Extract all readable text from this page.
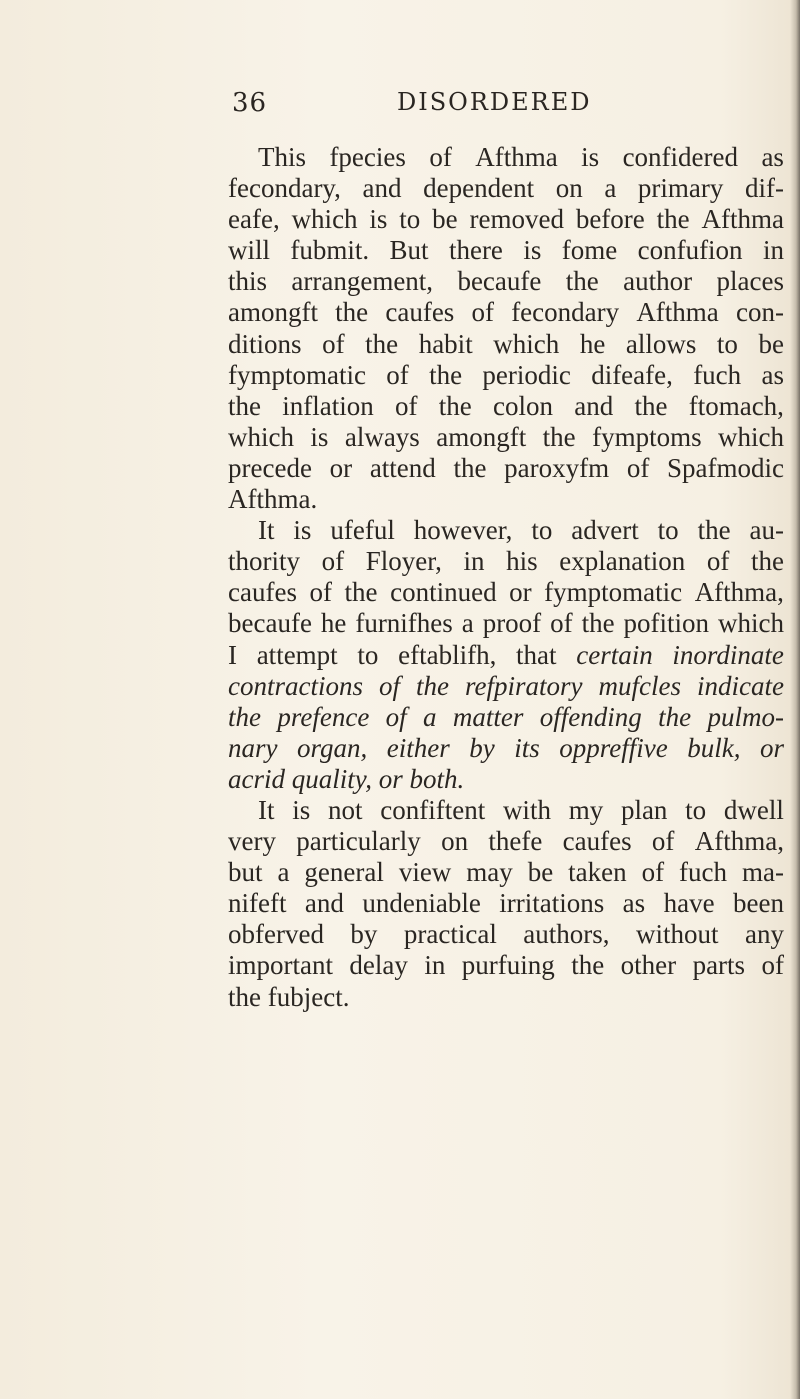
36	DISORDERED
This fpecies of Afthma is confidered as
fecondary, and dependent on a primary dif-
eafe, which is to be removed before the Afthma
will fubmit. But there is fome confufion in
this arrangement, becaufe the author places
amongft the caufes of fecondary Afthma con-
ditions of the habit which he allows to be
fymptomatic of the periodic difeafe, fuch as
the inflation of the colon and the ftomach,
which is always amongft the fymptoms which
precede or attend the paroxyfm of Spafmodic
Afthma.
It is ufeful however, to advert to the au-
thority of Floyer, in his explanation of the
caufes of the continued or fymptomatic Afthma,
becaufe he furnifhes a proof of the pofition which
I attempt to eftablifh, that certain inordinate
contractions of the refpiratory mufcles indicate
the prefence of a matter offending the pulmo-
nary organ, either by its oppreffive bulk, or
acrid
quality,
or
both.
It is not confiftent with my plan to dwell
very particularly on thefe caufes of Afthma,
but a general view may be taken of fuch ma-
nifeft and undeniable irritations as have been
obferved by practical authors, without any
important delay in purfuing the other parts of
the
fubject.
